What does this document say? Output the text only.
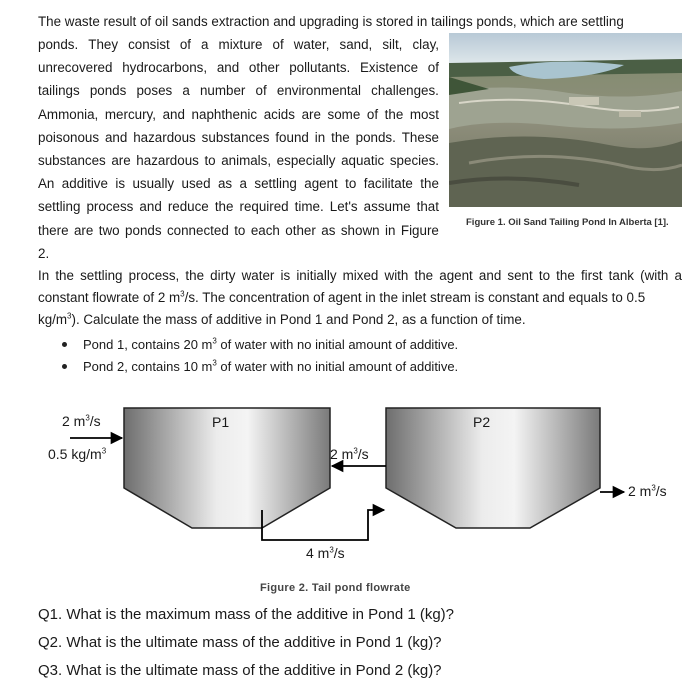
The waste result of oil sands extraction and upgrading is stored in tailings ponds, which are settling
ponds. They consist of a mixture of water, sand, silt, clay,
unrecovered hydrocarbons, and other pollutants. Existence of
tailings ponds poses a number of environmental challenges.
Ammonia, mercury, and naphthenic acids are some of the most
poisonous and hazardous substances found in the ponds. These
substances are hazardous to animals, especially aquatic species.
An additive is usually used as a settling agent to facilitate the
settling process and reduce the required time. Let's assume that
there are two ponds connected to each other as shown in Figure
2.
Figure 1. Oil Sand Tailing Pond In Alberta [1].
In the settling process, the dirty water is initially mixed with the agent and sent to the first tank (with a
constant flowrate of 2 $m^3/s$. The concentration of agent in the inlet stream is constant and equals to 0.5
$kg/m^3$). Calculate the mass of additive in Pond 1 and Pond 2, as a function of time.
Pond 1, contains 20 $m^3$ of water with no initial amount of additive.
Pond 2, contains 10 $m^3$ of water with no initial amount of additive.
2 $m^3/s$
0.5 $kg/m^3$
P1	P2
2 $m^3/s$
4 $m^3/s$
2 $m^3/s$
Figure 2. Tail pond flowrate
Q1. What is the maximum mass of the additive in Pond 1 (kg)?
Q2. What is the ultimate mass of the additive in Pond 1 (kg)?
Q3. What is the ultimate mass of the additive in Pond 2 (kg)?
